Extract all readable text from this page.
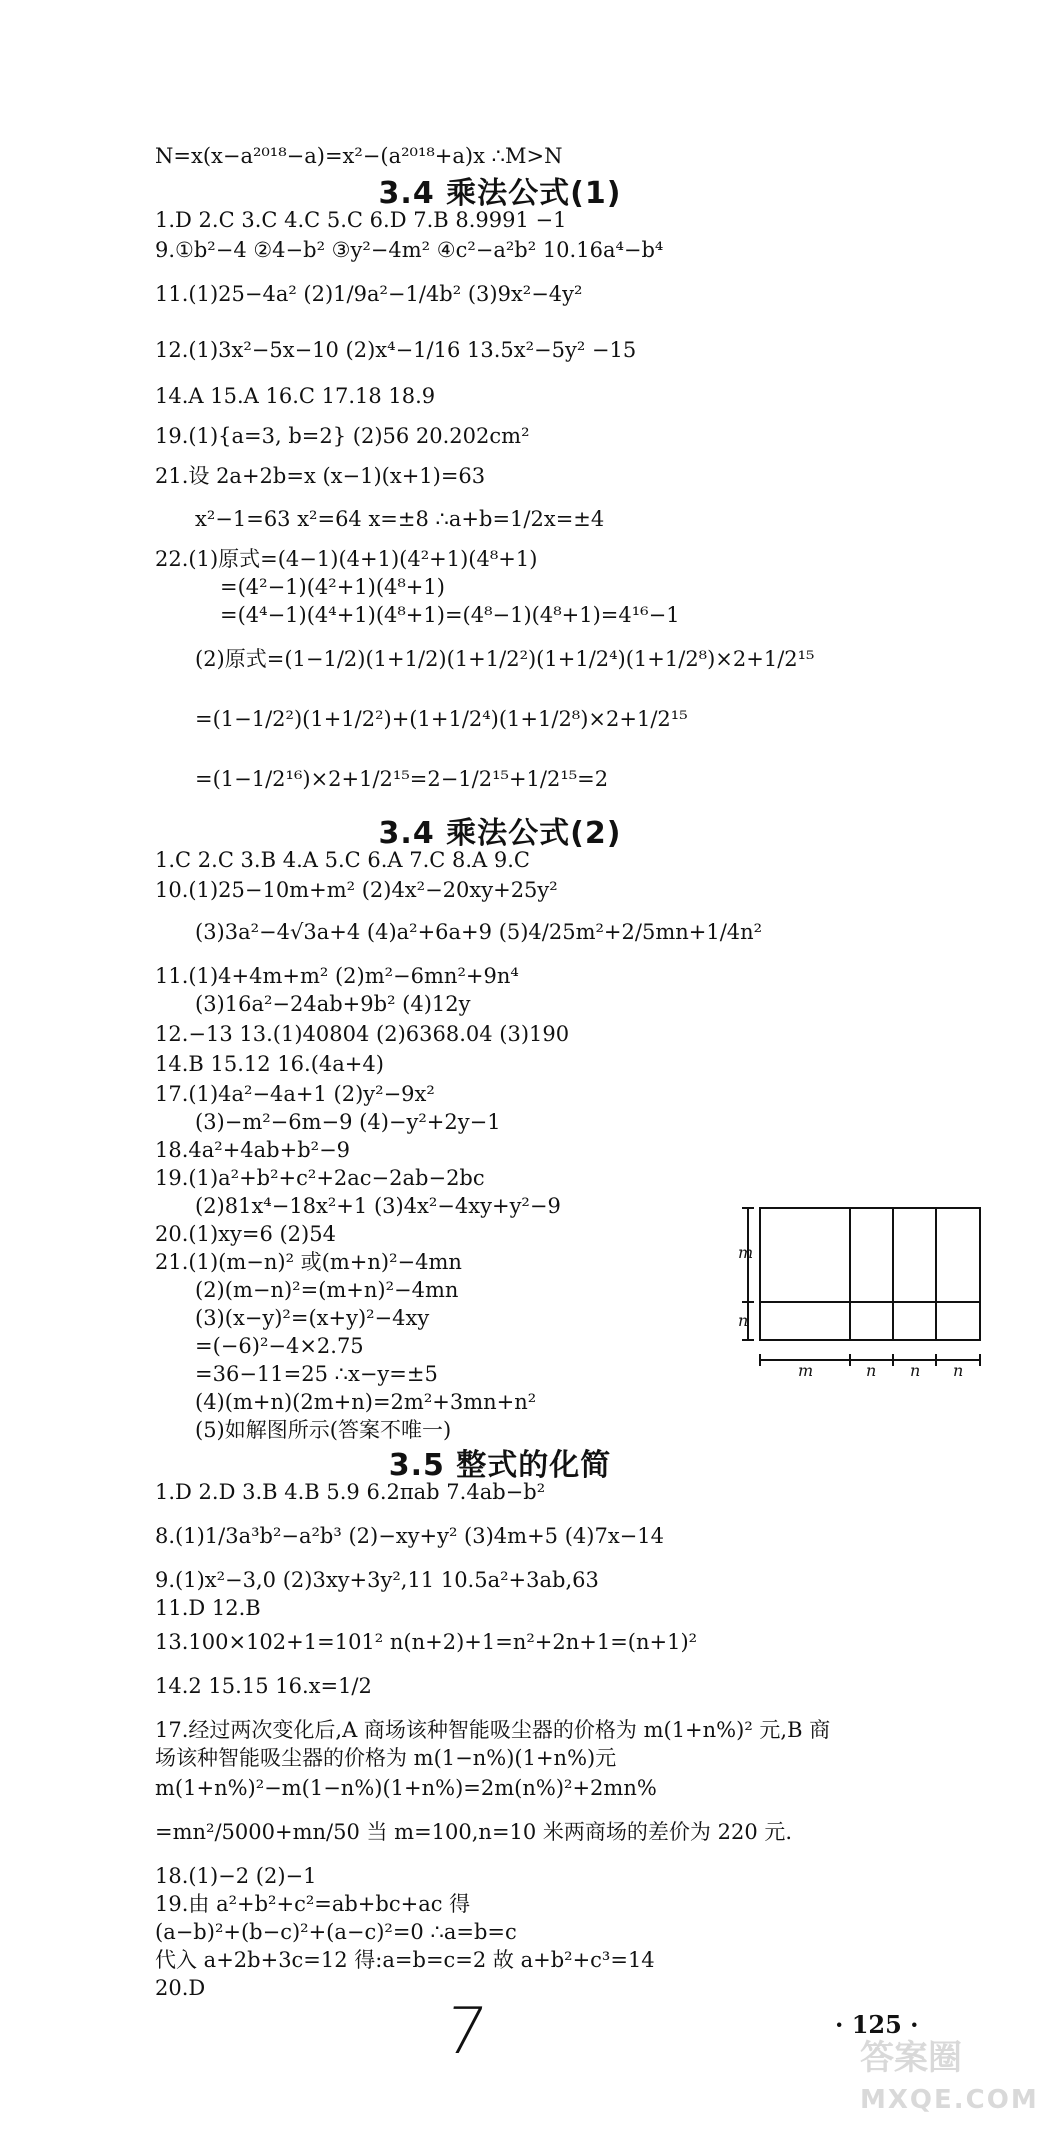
N=x(x−a²⁰¹⁸−a)=x²−(a²⁰¹⁸+a)x ∴M>N
3.4 乘法公式(1)
1.D 2.C 3.C 4.C 5.C 6.D 7.B 8.9991 −1
9.①b²−4 ②4−b² ③y²−4m² ④c²−a²b² 10.16a⁴−b⁴
11.(1)25−4a² (2)1/9a²−1/4b² (3)9x²−4y²
12.(1)3x²−5x−10 (2)x⁴−1/16 13.5x²−5y² −15
14.A 15.A 16.C 17.18 18.9
19.(1){a=3, b=2} (2)56 20.202cm²
21.设 2a+2b=x (x−1)(x+1)=63
x²−1=63 x²=64 x=±8 ∴a+b=1/2x=±4
22.(1)原式=(4−1)(4+1)(4²+1)(4⁸+1)
=(4²−1)(4²+1)(4⁸+1)
=(4⁴−1)(4⁴+1)(4⁸+1)=(4⁸−1)(4⁸+1)=4¹⁶−1
(2)原式=(1−1/2)(1+1/2)(1+1/2²)(1+1/2⁴)(1+1/2⁸)×2+1/2¹⁵
=(1−1/2²)(1+1/2²)+(1+1/2⁴)(1+1/2⁸)×2+1/2¹⁵
=(1−1/2¹⁶)×2+1/2¹⁵=2−1/2¹⁵+1/2¹⁵=2
3.4 乘法公式(2)
1.C 2.C 3.B 4.A 5.C 6.A 7.C 8.A 9.C
10.(1)25−10m+m² (2)4x²−20xy+25y²
(3)3a²−4√3a+4 (4)a²+6a+9 (5)4/25m²+2/5mn+1/4n²
11.(1)4+4m+m² (2)m²−6mn²+9n⁴
(3)16a²−24ab+9b² (4)12y
12.−13 13.(1)40804 (2)6368.04 (3)190
14.B 15.12 16.(4a+4)
17.(1)4a²−4a+1 (2)y²−9x²
(3)−m²−6m−9 (4)−y²+2y−1
18.4a²+4ab+b²−9
19.(1)a²+b²+c²+2ac−2ab−2bc
(2)81x⁴−18x²+1 (3)4x²−4xy+y²−9
20.(1)xy=6 (2)54
21.(1)(m−n)² 或(m+n)²−4mn
(2)(m−n)²=(m+n)²−4mn
(3)(x−y)²=(x+y)²−4xy
=(−6)²−4×2.75
=36−11=25 ∴x−y=±5
(4)(m+n)(2m+n)=2m²+3mn+n²
(5)如解图所示(答案不唯一)
m
n
m	n n n
3.5 整式的化简
1.D 2.D 3.B 4.B 5.9 6.2πab 7.4ab−b²
8.(1)1/3a³b²−a²b³ (2)−xy+y² (3)4m+5 (4)7x−14
9.(1)x²−3,0 (2)3xy+3y²,11 10.5a²+3ab,63
11.D 12.B
13.100×102+1=101² n(n+2)+1=n²+2n+1=(n+1)²
14.2 15.15 16.x=1/2
17.经过两次变化后,A 商场该种智能吸尘器的价格为 m(1+n%)² 元,B 商
场该种智能吸尘器的价格为 m(1−n%)(1+n%)元
m(1+n%)²−m(1−n%)(1+n%)=2m(n%)²+2mn%
=mn²/5000+mn/50 当 m=100,n=10 米两商场的差价为 220 元.
18.(1)−2 (2)−1
19.由 a²+b²+c²=ab+bc+ac 得
(a−b)²+(b−c)²+(a−c)²=0 ∴a=b=c
代入 a+2b+3c=12 得:a=b=c=2 故 a+b²+c³=14
20.D
7	· 125 ·
答案圈
MXQE.COM
